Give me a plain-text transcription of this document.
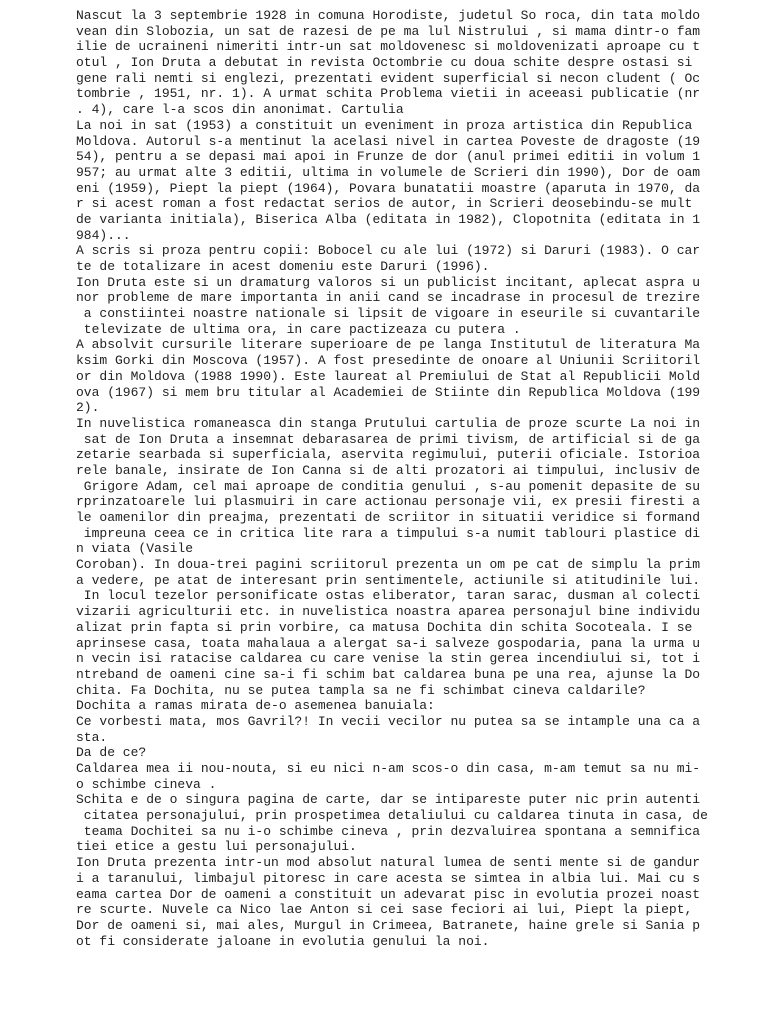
Nascut la 3 septembrie 1928 in comuna Horodiste, judetul So roca, din tata moldo
vean din Slobozia, un sat de razesi de pe ma lul Nistrului , si mama dintr-o fam
ilie de ucraineni nimeriti intr-un sat moldovenesc si moldovenizati aproape cu t
otul , Ion Druta a debutat in revista Octombrie cu doua schite despre ostasi si
gene rali nemti si englezi, prezentati evident superficial si necon cludent ( Oc
tombrie , 1951, nr. 1). A urmat schita Problema vietii in aceeasi publicatie (nr
. 4), care l-a scos din anonimat. Cartulia
La noi in sat (1953) a constituit un eveniment in proza artistica din Republica
Moldova. Autorul s-a mentinut la acelasi nivel in cartea Poveste de dragoste (19
54), pentru a se depasi mai apoi in Frunze de dor (anul primei editii in volum 1
957; au urmat alte 3 editii, ultima in volumele de Scrieri din 1990), Dor de oam
eni (1959), Piept la piept (1964), Povara bunatatii moastre (aparuta in 1970, da
r si acest roman a fost redactat serios de autor, in Scrieri deosebindu-se mult
de varianta initiala), Biserica Alba (editata in 1982), Clopotnita (editata in 1
984)...
A scris si proza pentru copii: Bobocel cu ale lui (1972) si Daruri (1983). O car
te de totalizare in acest domeniu este Daruri (1996).
Ion Druta este si un dramaturg valoros si un publicist incitant, aplecat aspra u
nor probleme de mare importanta in anii cand se incadrase in procesul de trezire
a constiintei noastre nationale si lipsit de vigoare in eseurile si cuvantarile
televizate de ultima ora, in care pactizeaza cu putera .
A absolvit cursurile literare superioare de pe langa Institutul de literatura Ma
ksim Gorki din Moscova (1957). A fost presedinte de onoare al Uniunii Scriitoril
or din Moldova (1988 1990). Este laureat al Premiului de Stat al Republicii Mold
ova (1967) si mem bru titular al Academiei de Stiinte din Republica Moldova (199
2).
In nuvelistica romaneasca din stanga Prutului cartulia de proze scurte La noi in
sat de Ion Druta a insemnat debarasarea de primi tivism, de artificial si de ga
zetarie searbada si superficiala, aservita regimului, puterii oficiale. Istorioa
rele banale, insirate de Ion Canna si de alti prozatori ai timpului, inclusiv de
Grigore Adam, cel mai aproape de conditia genului , s-au pomenit depasite de su
rprinzatoarele lui plasmuiri in care actionau personaje vii, ex presii firesti a
le oamenilor din preajma, prezentati de scriitor in situatii veridice si formand
impreuna ceea ce in critica lite rara a timpului s-a numit tablouri plastice di
n viata (Vasile
Coroban). In doua-trei pagini scriitorul prezenta un om pe cat de simplu la prim
a vedere, pe atat de interesant prin sentimentele, actiunile si atitudinile lui.
In locul tezelor personificate ostas eliberator, taran sarac, dusman al colecti
vizarii agriculturii etc. in nuvelistica noastra aparea personajul bine individu
alizat prin fapta si prin vorbire, ca matusa Dochita din schita Socoteala. I se
aprinsese casa, toata mahalaua a alergat sa-i salveze gospodaria, pana la urma u
n vecin isi ratacise caldarea cu care venise la stin gerea incendiului si, tot i
ntreband de oameni cine sa-i fi schim bat caldarea buna pe una rea, ajunse la Do
chita. Fa Dochita, nu se putea tampla sa ne fi schimbat cineva caldarile?
Dochita a ramas mirata de-o asemenea banuiala:
Ce vorbesti mata, mos Gavril?! In vecii vecilor nu putea sa se intample una ca a
sta.
Da de ce?
Caldarea mea ii nou-nouta, si eu nici n-am scos-o din casa, m-am temut sa nu mi-
o schimbe cineva .
Schita e de o singura pagina de carte, dar se intipareste puter nic prin autenti
citatea personajului, prin prospetimea detaliului cu caldarea tinuta in casa, de
teama Dochitei sa nu i-o schimbe cineva , prin dezvaluirea spontana a semnifica
tiei etice a gestu lui personajului.
Ion Druta prezenta intr-un mod absolut natural lumea de senti mente si de gandur
i a taranului, limbajul pitoresc in care acesta se simtea in albia lui. Mai cu s
eama cartea Dor de oameni a constituit un adevarat pisc in evolutia prozei noast
re scurte. Nuvele ca Nico lae Anton si cei sase feciori ai lui, Piept la piept,
Dor de oameni si, mai ales, Murgul in Crimeea, Batranete, haine grele si Sania p
ot fi considerate jaloane in evolutia genului la noi.
